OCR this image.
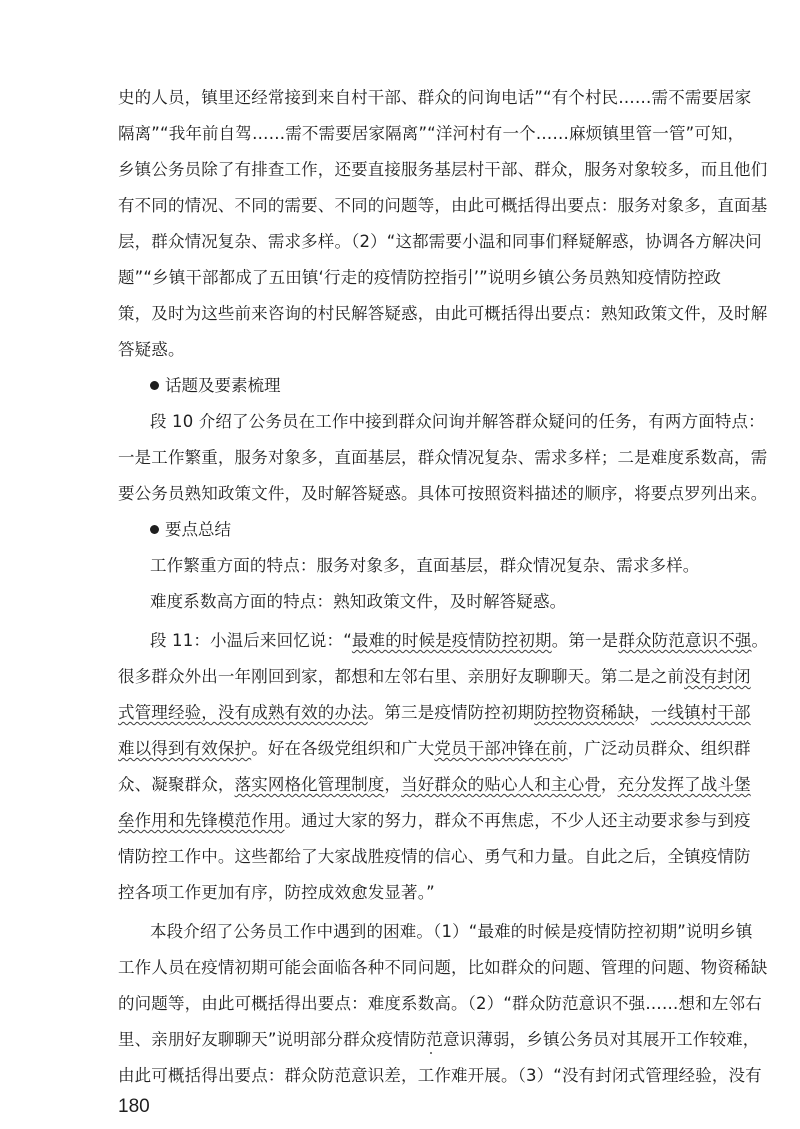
史的人员，镇里还经常接到来自村干部、群众的问询电话”“有个村民……需不需要居家
隔离”“我年前自驾……需不需要居家隔离”“洋河村有一个……麻烦镇里管一管”可知，
乡镇公务员除了有排查工作，还要直接服务基层村干部、群众，服务对象较多，而且他们
有不同的情况、不同的需要、不同的问题等，由此可概括得出要点：服务对象多，直面基
层，群众情况复杂、需求多样。（2）“这都需要小温和同事们释疑解惑，协调各方解决问
题”“乡镇干部都成了五田镇‘行走的疫情防控指引’”说明乡镇公务员熟知疫情防控政
策，及时为这些前来咨询的村民解答疑惑，由此可概括得出要点：熟知政策文件，及时解
答疑惑。
话题及要素梳理
段 10 介绍了公务员在工作中接到群众问询并解答群众疑问的任务，有两方面特点：
一是工作繁重，服务对象多，直面基层，群众情况复杂、需求多样；二是难度系数高，需
要公务员熟知政策文件，及时解答疑惑。具体可按照资料描述的顺序，将要点罗列出来。
要点总结
工作繁重方面的特点：服务对象多，直面基层，群众情况复杂、需求多样。
难度系数高方面的特点：熟知政策文件，及时解答疑惑。
段 11：小温后来回忆说：“最难的时候是疫情防控初期。第一是群众防范意识不强。
很多群众外出一年刚回到家，都想和左邻右里、亲朋好友聊聊天。第二是之前没有封闭
式管理经验，没有成熟有效的办法。第三是疫情防控初期防控物资稀缺，一线镇村干部
难以得到有效保护。好在各级党组织和广大党员干部冲锋在前，广泛动员群众、组织群
众、凝聚群众，落实网格化管理制度，当好群众的贴心人和主心骨，充分发挥了战斗堡
垒作用和先锋模范作用。通过大家的努力，群众不再焦虑，不少人还主动要求参与到疫
情防控工作中。这些都给了大家战胜疫情的信心、勇气和力量。自此之后，全镇疫情防
控各项工作更加有序，防控成效愈发显著。”
本段介绍了公务员工作中遇到的困难。（1）“最难的时候是疫情防控初期”说明乡镇
工作人员在疫情初期可能会面临各种不同问题，比如群众的问题、管理的问题、物资稀缺
的问题等，由此可概括得出要点：难度系数高。（2）“群众防范意识不强……想和左邻右
里、亲朋好友聊聊天”说明部分群众疫情防范意识薄弱，乡镇公务员对其展开工作较难，
由此可概括得出要点：群众防范意识差，工作难开展。（3）“没有封闭式管理经验，没有
180
